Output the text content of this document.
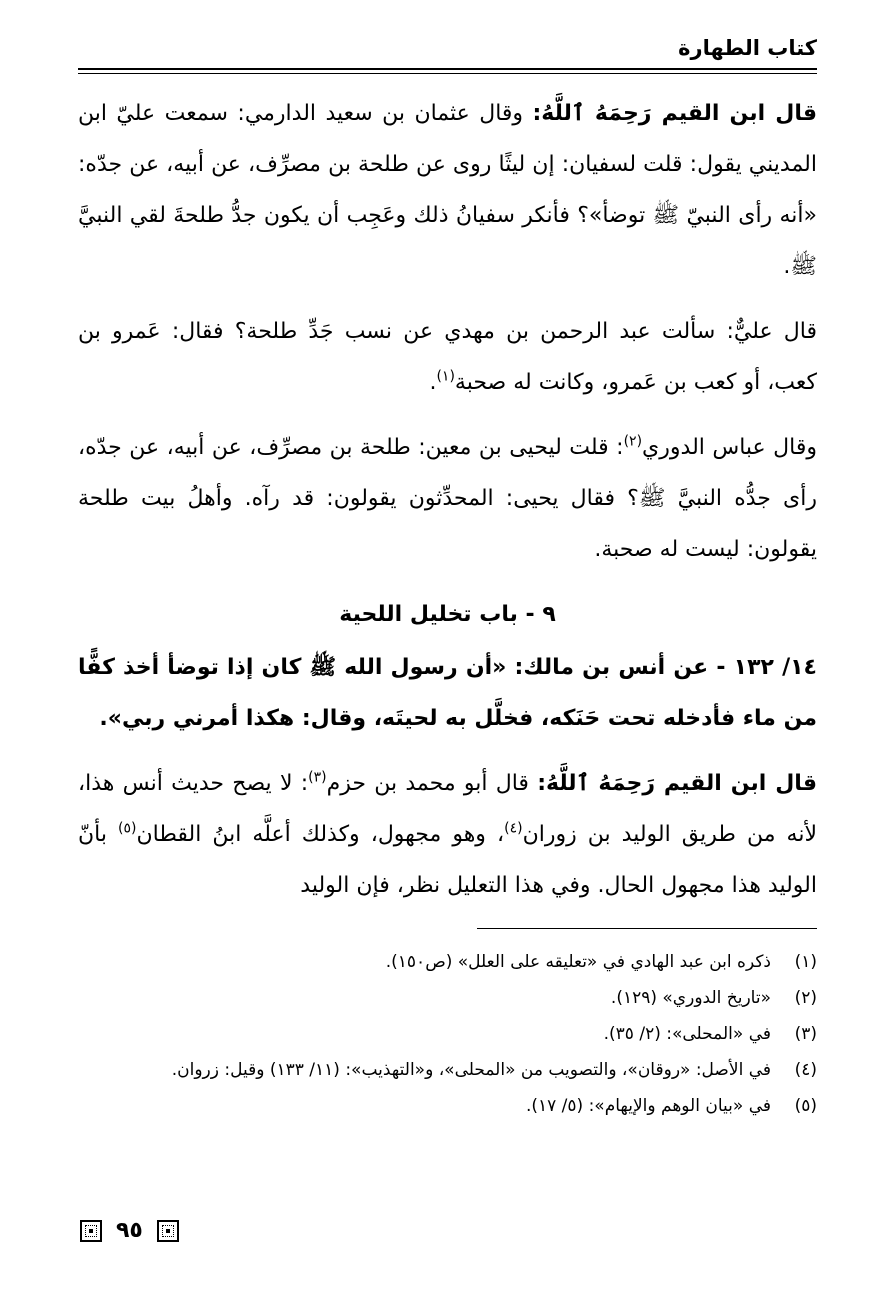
كتاب الطهارة

قال ابن القيم رَحِمَهُ ٱللَّهُ: وقال عثمان بن سعيد الدارمي: سمعت عليّ ابن المديني يقول: قلت لسفيان: إن ليثًا روى عن طلحة بن مصرِّف، عن أبيه، عن جدّه: «أنه رأى النبيّ ﷺ توضأ»؟ فأنكر سفيانُ ذلك وعَجِب أن يكون جدُّ طلحةَ لقي النبيَّ ﷺ.

قال عليٌّ: سألت عبد الرحمن بن مهدي عن نسب جَدِّ طلحة؟ فقال: عَمرو بن كعب، أو كعب بن عَمرو، وكانت له صحبة$^{(١)}$.

وقال عباس الدوري$^{(٢)}$: قلت ليحيى بن معين: طلحة بن مصرِّف، عن أبيه، عن جدّه، رأى جدُّه النبيَّ ﷺ؟ فقال يحيى: المحدِّثون يقولون: قد رآه. وأهلُ بيت طلحة يقولون: ليست له صحبة.

٩ - باب تخليل اللحية

١٤/ ١٣٢ - عن أنس بن مالك: «أن رسول الله ﷺ كان إذا توضأ أخذ كفًّا من ماء فأدخله تحت حَنَكه، فخلَّل به لحيتَه، وقال: هكذا أمرني ربي».

قال ابن القيم رَحِمَهُ ٱللَّهُ: قال أبو محمد بن حزم$^{(٣)}$: لا يصح حديث أنس هذا، لأنه من طريق الوليد بن زوران$^{(٤)}$، وهو مجهول، وكذلك أعلَّه ابنُ القطان$^{(٥)}$ بأنّ الوليد هذا مجهول الحال. وفي هذا التعليل نظر، فإن الوليد

(١)
ذكره ابن عبد الهادي في «تعليقه على العلل» (ص١٥٠).
(٢)
«تاريخ الدوري» (١٢٩).
(٣)
في «المحلى»: (٢/ ٣٥).
(٤)
في الأصل: «روقان»، والتصويب من «المحلى»، و«التهذيب»: (١١/ ١٣٣) وقيل: زروان.
(٥)
في «بيان الوهم والإيهام»: (٥/ ١٧).
٩٥
